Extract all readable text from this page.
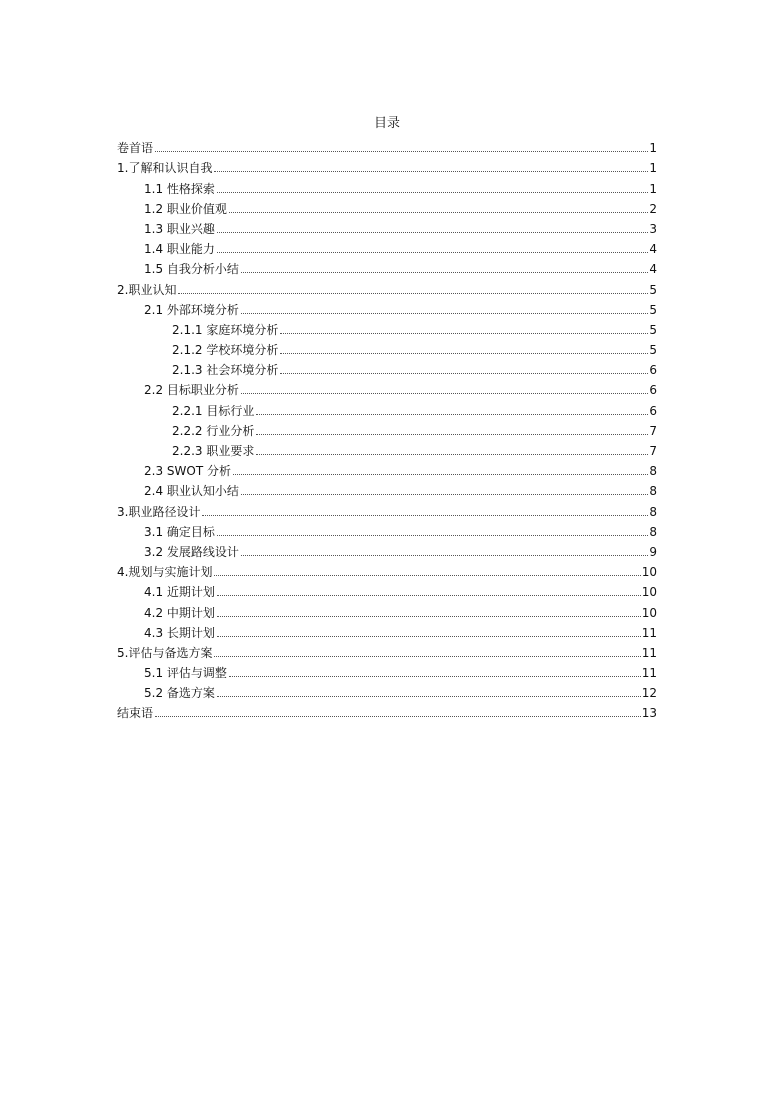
目录
卷首语	1
1.了解和认识自我	1
1.1 性格探索	1
1.2 职业价值观	2
1.3 职业兴趣	3
1.4 职业能力	4
1.5 自我分析小结	4
2.职业认知	5
2.1 外部环境分析	5
2.1.1 家庭环境分析	5
2.1.2 学校环境分析	5
2.1.3 社会环境分析	6
2.2 目标职业分析	6
2.2.1 目标行业	6
2.2.2 行业分析	7
2.2.3 职业要求	7
2.3 SWOT 分析	8
2.4 职业认知小结	8
3.职业路径设计	8
3.1 确定目标	8
3.2 发展路线设计	9
4.规划与实施计划	10
4.1 近期计划	10
4.2 中期计划	10
4.3 长期计划	11
5.评估与备选方案	11
5.1 评估与调整	11
5.2 备选方案	12
结束语	13
